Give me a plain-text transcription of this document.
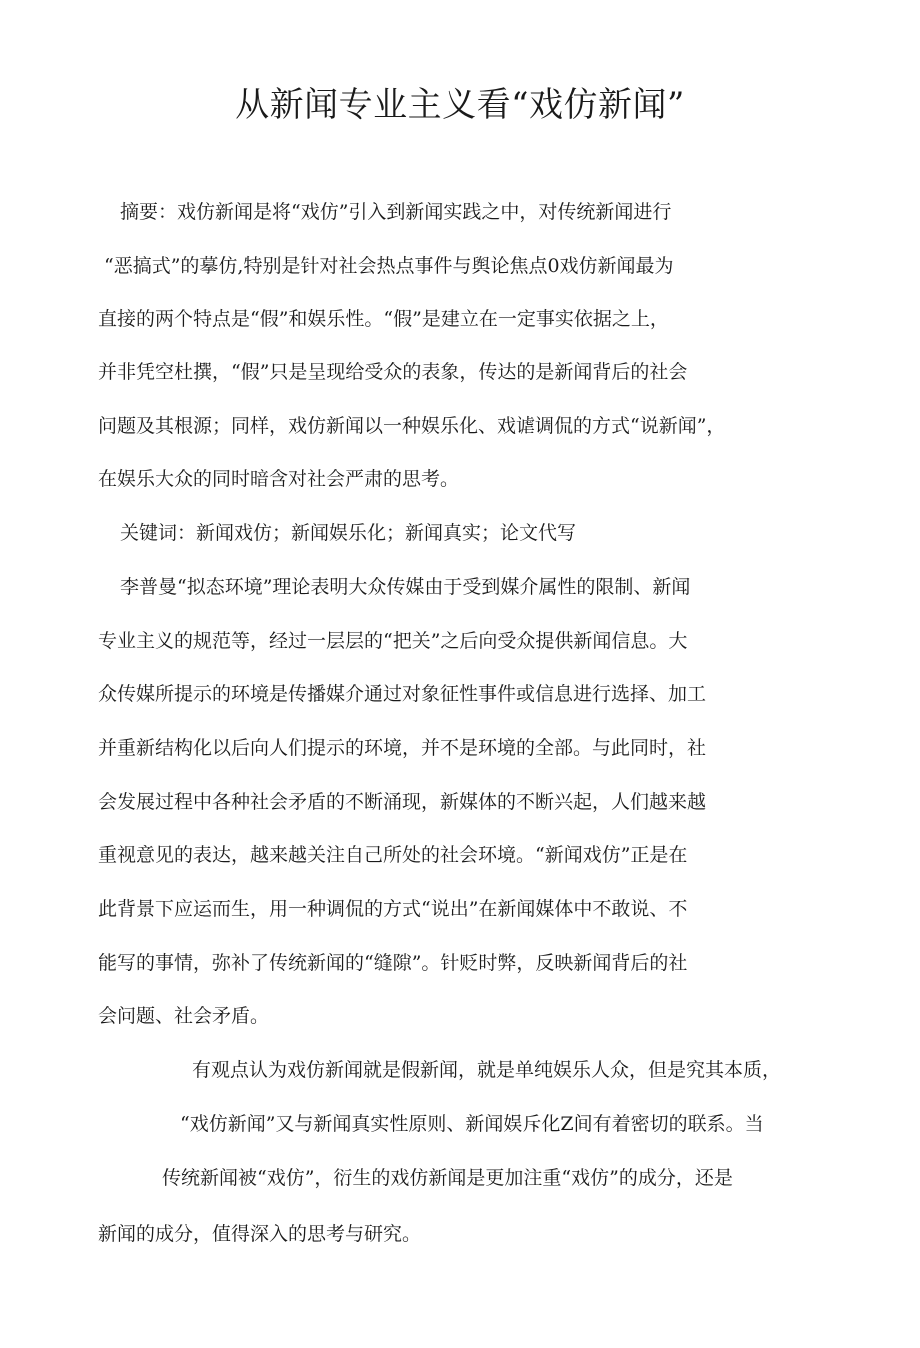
从新闻专业主义看“戏仿新闻”
摘要：戏仿新闻是将“戏仿”引入到新闻实践之中，对传统新闻进行
“恶搞式”的摹仿,特别是针对社会热点事件与舆论焦点0戏仿新闻最为
直接的两个特点是“假”和娱乐性。“假”是建立在一定事实依据之上，
并非凭空杜撰，“假”只是呈现给受众的表象，传达的是新闻背后的社会
问题及其根源；同样，戏仿新闻以一种娱乐化、戏谑调侃的方式“说新闻”，
在娱乐大众的同时暗含对社会严肃的思考。
关键词：新闻戏仿；新闻娱乐化；新闻真实；论文代写
李普曼“拟态环境”理论表明大众传媒由于受到媒介属性的限制、新闻
专业主义的规范等，经过一层层的“把关”之后向受众提供新闻信息。大
众传媒所提示的环境是传播媒介通过对象征性事件或信息进行选择、加工
并重新结构化以后向人们提示的环境，并不是环境的全部。与此同时，社
会发展过程中各种社会矛盾的不断涌现，新媒体的不断兴起，人们越来越
重视意见的表达，越来越关注自己所处的社会环境。“新闻戏仿”正是在
此背景下应运而生，用一种调侃的方式“说出”在新闻媒体中不敢说、不
能写的事情，弥补了传统新闻的“缝隙”。针贬时弊，反映新闻背后的社
会问题、社会矛盾。
有观点认为戏仿新闻就是假新闻，就是单纯娱乐人众，但是究其本质，
“戏仿新闻”又与新闻真实性原则、新闻娱斥化Z间有着密切的联系。当
传统新闻被“戏仿”，衍生的戏仿新闻是更加注重“戏仿”的成分，还是
新闻的成分，值得深入的思考与研究。
